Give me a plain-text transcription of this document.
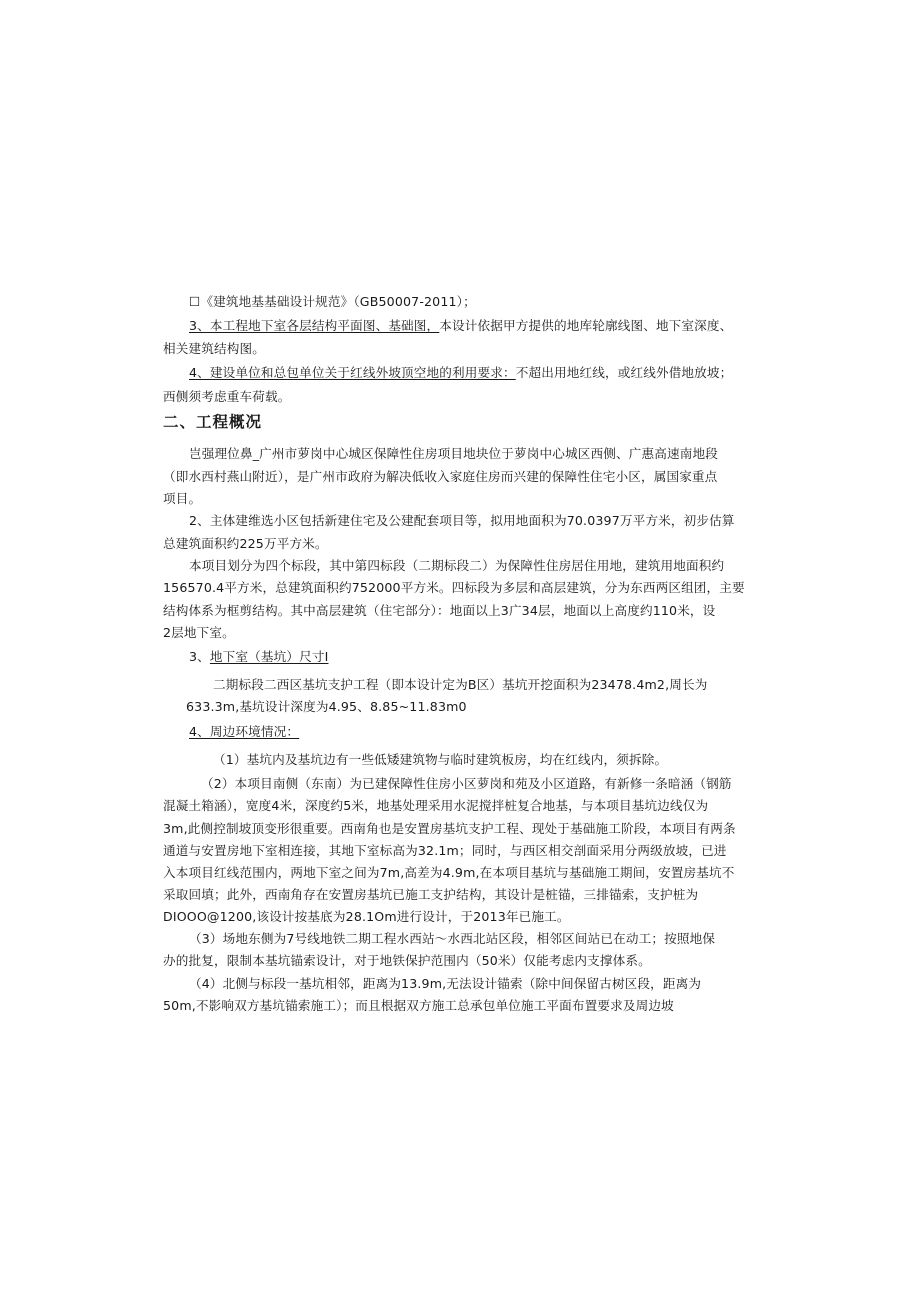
☐《建筑地基基础设计规范》（GB50007-2011）；
3、本工程地下室各层结构平面图、基础图，本设计依据甲方提供的地库轮廓线图、地下室深度、
相关建筑结构图。
4、建设单位和总包单位关于红线外坡顶空地的利用要求：不超出用地红线，或红线外借地放坡；
西侧须考虑重车荷载。
二、工程概况
岂强理位鼻_广州市萝岗中心城区保障性住房项目地块位于萝岗中心城区西侧、广惠高速南地段
（即水西村燕山附近），是广州市政府为解决低收入家庭住房而兴建的保障性住宅小区，属国家重点
项目。
2、主体建维选小区包括新建住宅及公建配套项目等，拟用地面积为70.0397万平方米，初步估算
总建筑面积约225万平方米。
本项目划分为四个标段，其中第四标段（二期标段二）为保障性住房居住用地，建筑用地面积约
156570.4平方米，总建筑面积约752000平方米。四标段为多层和高层建筑，分为东西两区组团，主要
结构体系为框剪结构。其中高层建筑（住宅部分）：地面以上3广34层，地面以上高度约110米，设
2层地下室。
3、地下室（基坑）尺寸I
二期标段二西区基坑支护工程（即本设计定为B区）基坑开挖面积为23478.4m2,周长为
633.3m,基坑设计深度为4.95、8.85~11.83m0
4、周边环境情况：
（1）基坑内及基坑边有一些低矮建筑物与临时建筑板房，均在红线内，须拆除。
（2）本项目南侧（东南）为已建保障性住房小区萝岗和苑及小区道路，有新修一条暗涵（钢筋
混凝土箱涵），宽度4米，深度约5米，地基处理采用水泥搅拌桩复合地基，与本项目基坑边线仅为
3m,此侧控制坡顶变形很重要。西南角也是安置房基坑支护工程、现处于基础施工阶段，本项目有两条
通道与安置房地下室相连接，其地下室标高为32.1m；同时，与西区相交剖面采用分两级放坡，已进
入本项目红线范围内，两地下室之间为7m,高差为4.9m,在本项目基坑与基础施工期间，安置房基坑不
采取回填；此外，西南角存在安置房基坑已施工支护结构，其设计是桩锚，三排锚索，支护桩为
DIOOO@1200,该设计按基底为28.1Om进行设计，于2013年已施工。
（3）场地东侧为7号线地铁二期工程水西站～水西北站区段，相邻区间站已在动工；按照地保
办的批复，限制本基坑锚索设计，对于地铁保护范围内（50米）仅能考虑内支撑体系。
（4）北侧与标段一基坑相邻，距离为13.9m,无法设计锚索（除中间保留古树区段，距离为
50m,不影响双方基坑锚索施工）；而且根据双方施工总承包单位施工平面布置要求及周边坡
